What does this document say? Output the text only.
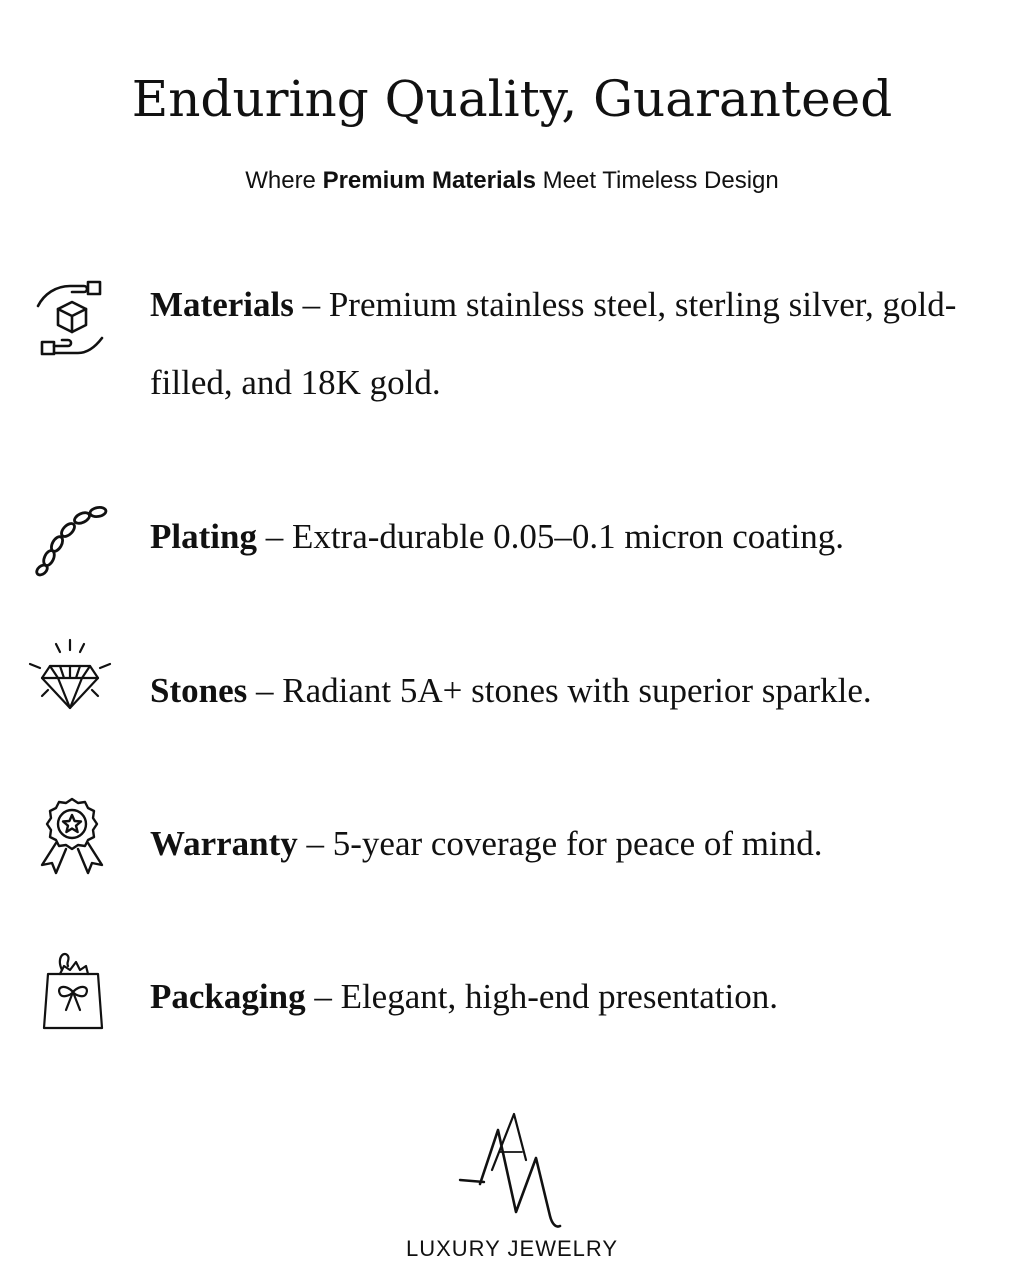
Enduring Quality, Guaranteed

Where Premium Materials Meet Timeless Design

Materials – Premium stainless steel, sterling silver, gold-filled, and 18K gold.

Plating – Extra-durable 0.05–0.1 micron coating.

Stones – Radiant 5A+ stones with superior sparkle.

Warranty – 5-year coverage for peace of mind.

Packaging – Elegant, high-end presentation.

LUXURY JEWELRY
